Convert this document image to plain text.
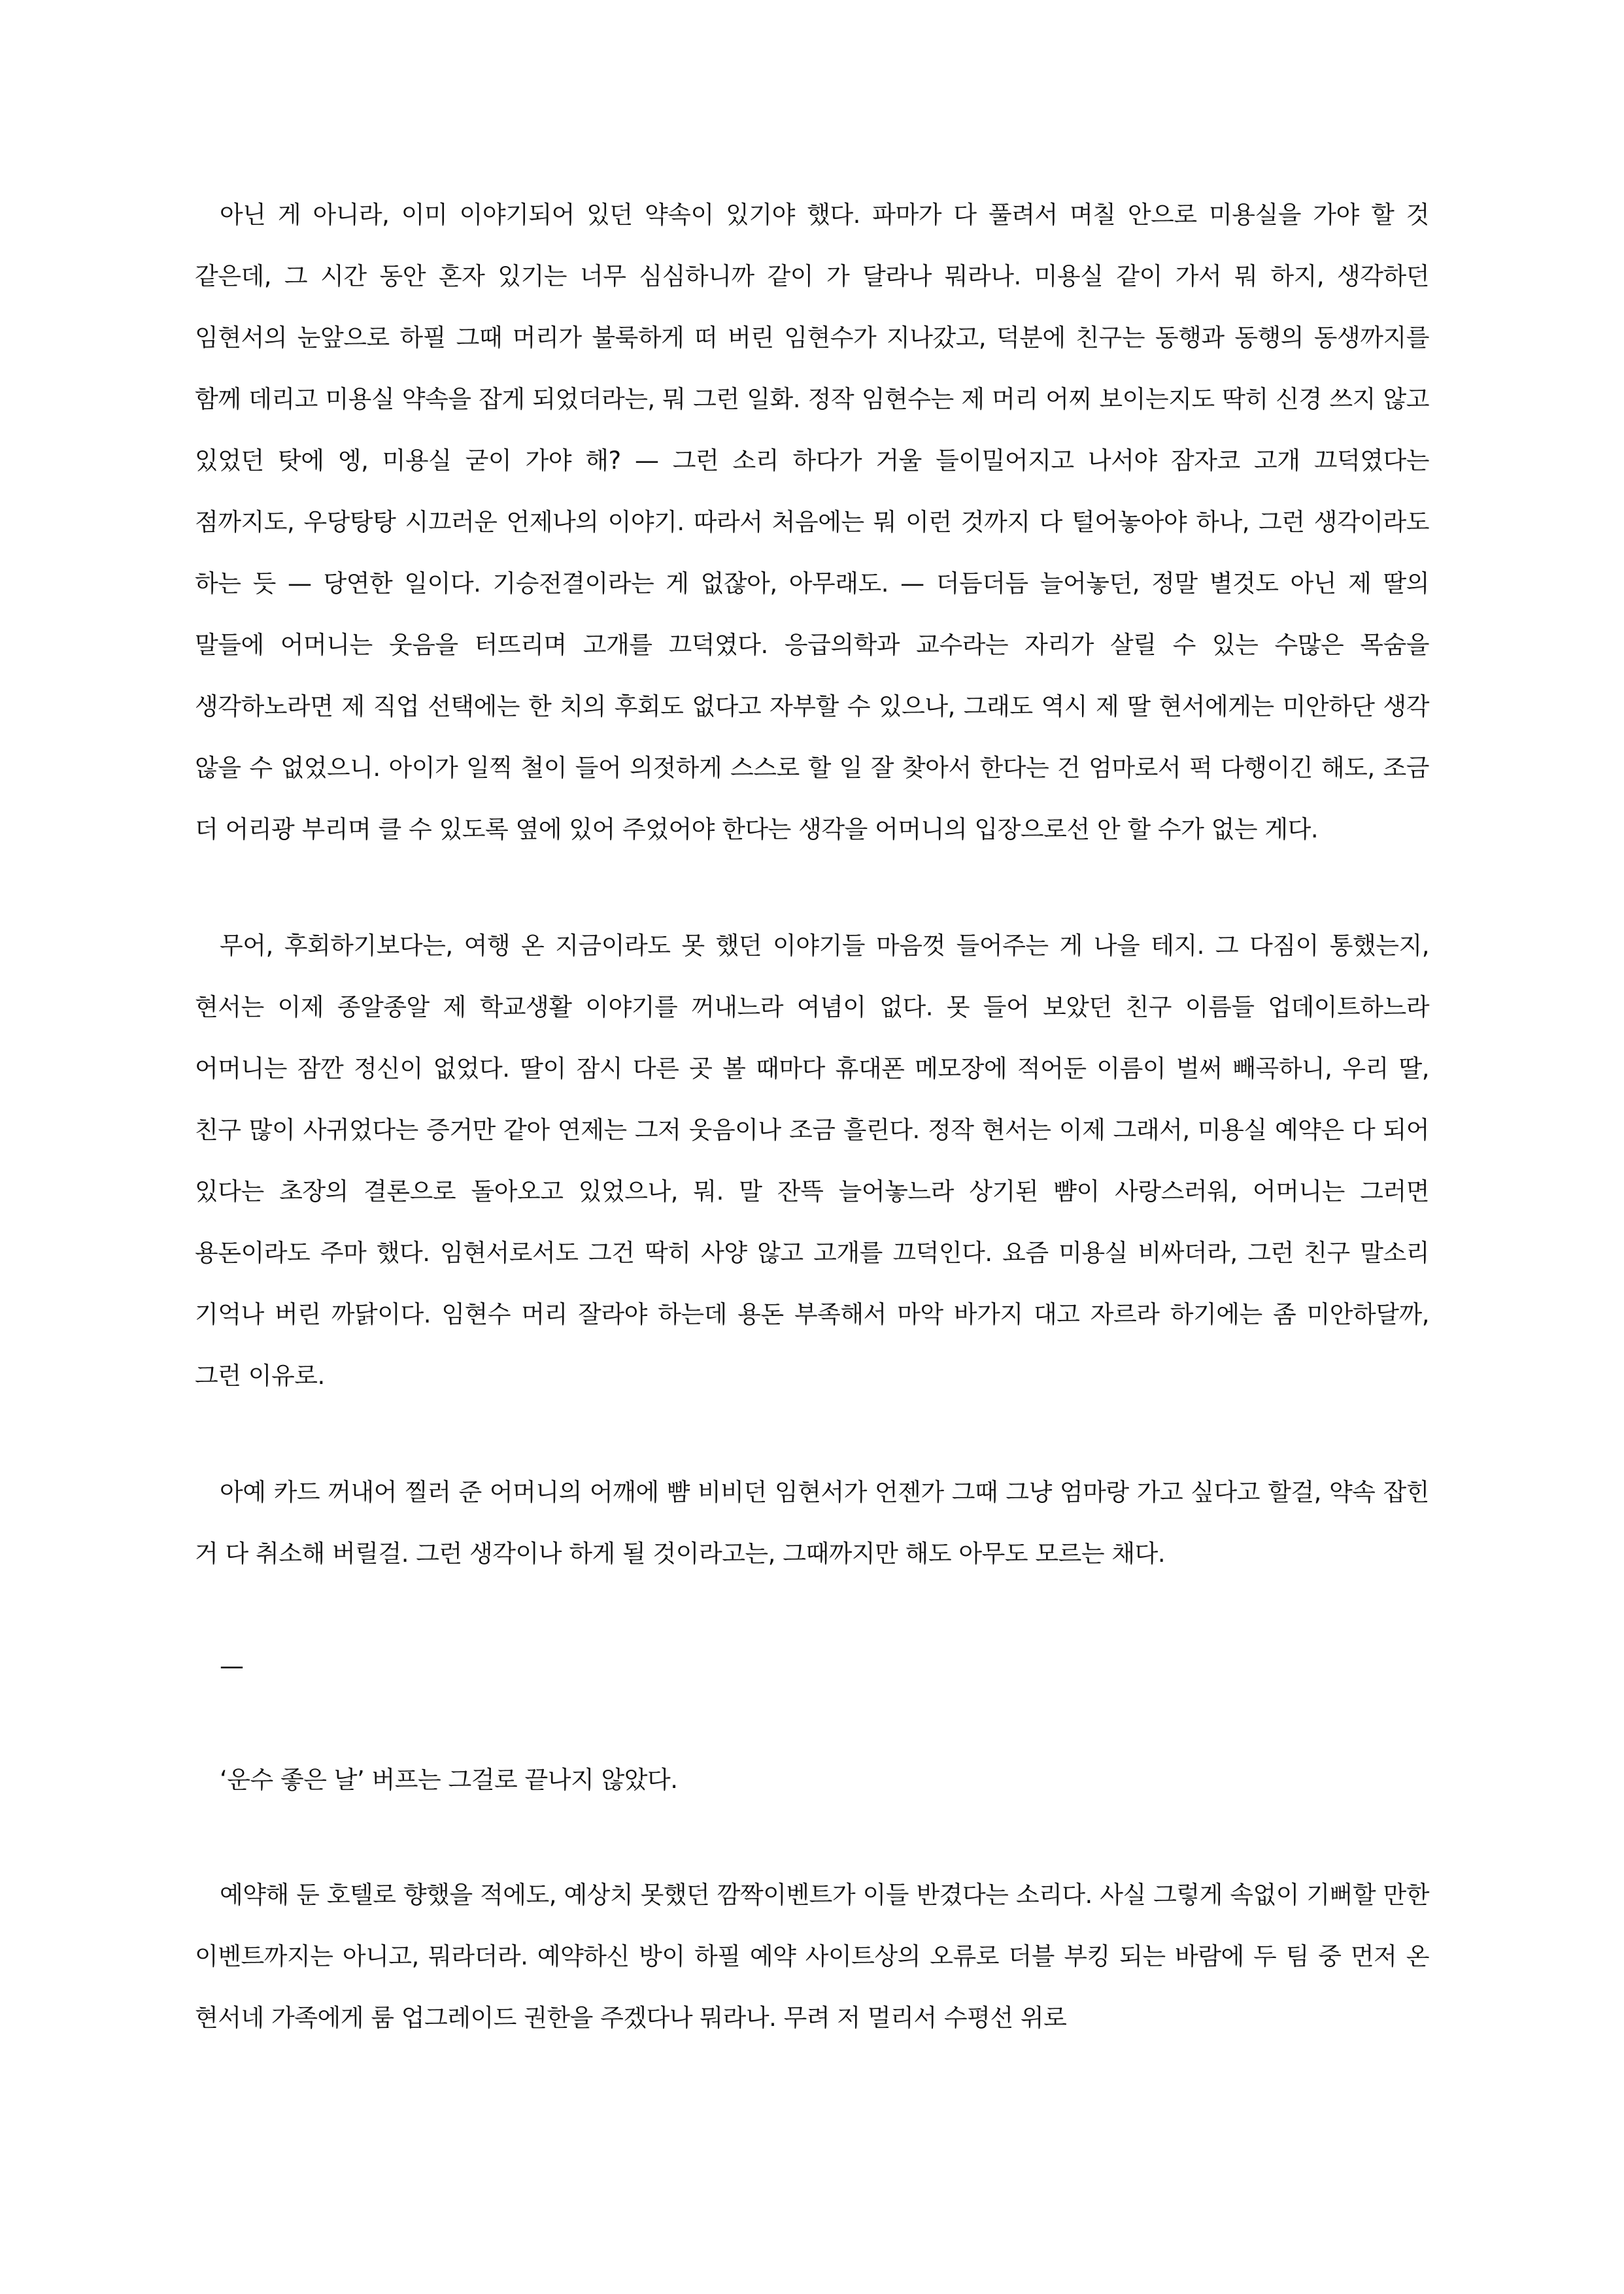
아닌 게 아니라, 이미 이야기되어 있던 약속이 있기야 했다. 파마가 다 풀려서 며칠 안으로 미용실을 가야 할 것 같은데, 그 시간 동안 혼자 있기는 너무 심심하니까 같이 가 달라나 뭐라나. 미용실 같이 가서 뭐 하지, 생각하던 임현서의 눈앞으로 하필 그때 머리가 불룩하게 떠 버린 임현수가 지나갔고, 덕분에 친구는 동행과 동행의 동생까지를 함께 데리고 미용실 약속을 잡게 되었더라는, 뭐 그런 일화. 정작 임현수는 제 머리 어찌 보이는지도 딱히 신경 쓰지 않고 있었던 탓에 엥, 미용실 굳이 가야 해? — 그런 소리 하다가 거울 들이밀어지고 나서야 잠자코 고개 끄덕였다는 점까지도, 우당탕탕 시끄러운 언제나의 이야기. 따라서 처음에는 뭐 이런 것까지 다 털어놓아야 하나, 그런 생각이라도 하는 듯 — 당연한 일이다. 기승전결이라는 게 없잖아, 아무래도. — 더듬더듬 늘어놓던, 정말 별것도 아닌 제 딸의 말들에 어머니는 웃음을 터뜨리며 고개를 끄덕였다. 응급의학과 교수라는 자리가 살릴 수 있는 수많은 목숨을 생각하노라면 제 직업 선택에는 한 치의 후회도 없다고 자부할 수 있으나, 그래도 역시 제 딸 현서에게는 미안하단 생각 않을 수 없었으니. 아이가 일찍 철이 들어 의젓하게 스스로 할 일 잘 찾아서 한다는 건 엄마로서 퍽 다행이긴 해도, 조금 더 어리광 부리며 클 수 있도록 옆에 있어 주었어야 한다는 생각을 어머니의 입장으로선 안 할 수가 없는 게다.

무어, 후회하기보다는, 여행 온 지금이라도 못 했던 이야기들 마음껏 들어주는 게 나을 테지. 그 다짐이 통했는지, 현서는 이제 종알종알 제 학교생활 이야기를 꺼내느라 여념이 없다. 못 들어 보았던 친구 이름들 업데이트하느라 어머니는 잠깐 정신이 없었다. 딸이 잠시 다른 곳 볼 때마다 휴대폰 메모장에 적어둔 이름이 벌써 빼곡하니, 우리 딸, 친구 많이 사귀었다는 증거만 같아 연제는 그저 웃음이나 조금 흘린다. 정작 현서는 이제 그래서, 미용실 예약은 다 되어 있다는 초장의 결론으로 돌아오고 있었으나, 뭐. 말 잔뜩 늘어놓느라 상기된 뺨이 사랑스러워, 어머니는 그러면 용돈이라도 주마 했다. 임현서로서도 그건 딱히 사양 않고 고개를 끄덕인다. 요즘 미용실 비싸더라, 그런 친구 말소리 기억나 버린 까닭이다. 임현수 머리 잘라야 하는데 용돈 부족해서 마악 바가지 대고 자르라 하기에는 좀 미안하달까, 그런 이유로.

아예 카드 꺼내어 찔러 준 어머니의 어깨에 뺨 비비던 임현서가 언젠가 그때 그냥 엄마랑 가고 싶다고 할걸, 약속 잡힌 거 다 취소해 버릴걸. 그런 생각이나 하게 될 것이라고는, 그때까지만 해도 아무도 모르는 채다.

—

‘운수 좋은 날’ 버프는 그걸로 끝나지 않았다.

예약해 둔 호텔로 향했을 적에도, 예상치 못했던 깜짝이벤트가 이들 반겼다는 소리다. 사실 그렇게 속없이 기뻐할 만한 이벤트까지는 아니고, 뭐라더라. 예약하신 방이 하필 예약 사이트상의 오류로 더블 부킹 되는 바람에 두 팀 중 먼저 온 현서네 가족에게 룸 업그레이드 권한을 주겠다나 뭐라나. 무려 저 멀리서 수평선 위로
